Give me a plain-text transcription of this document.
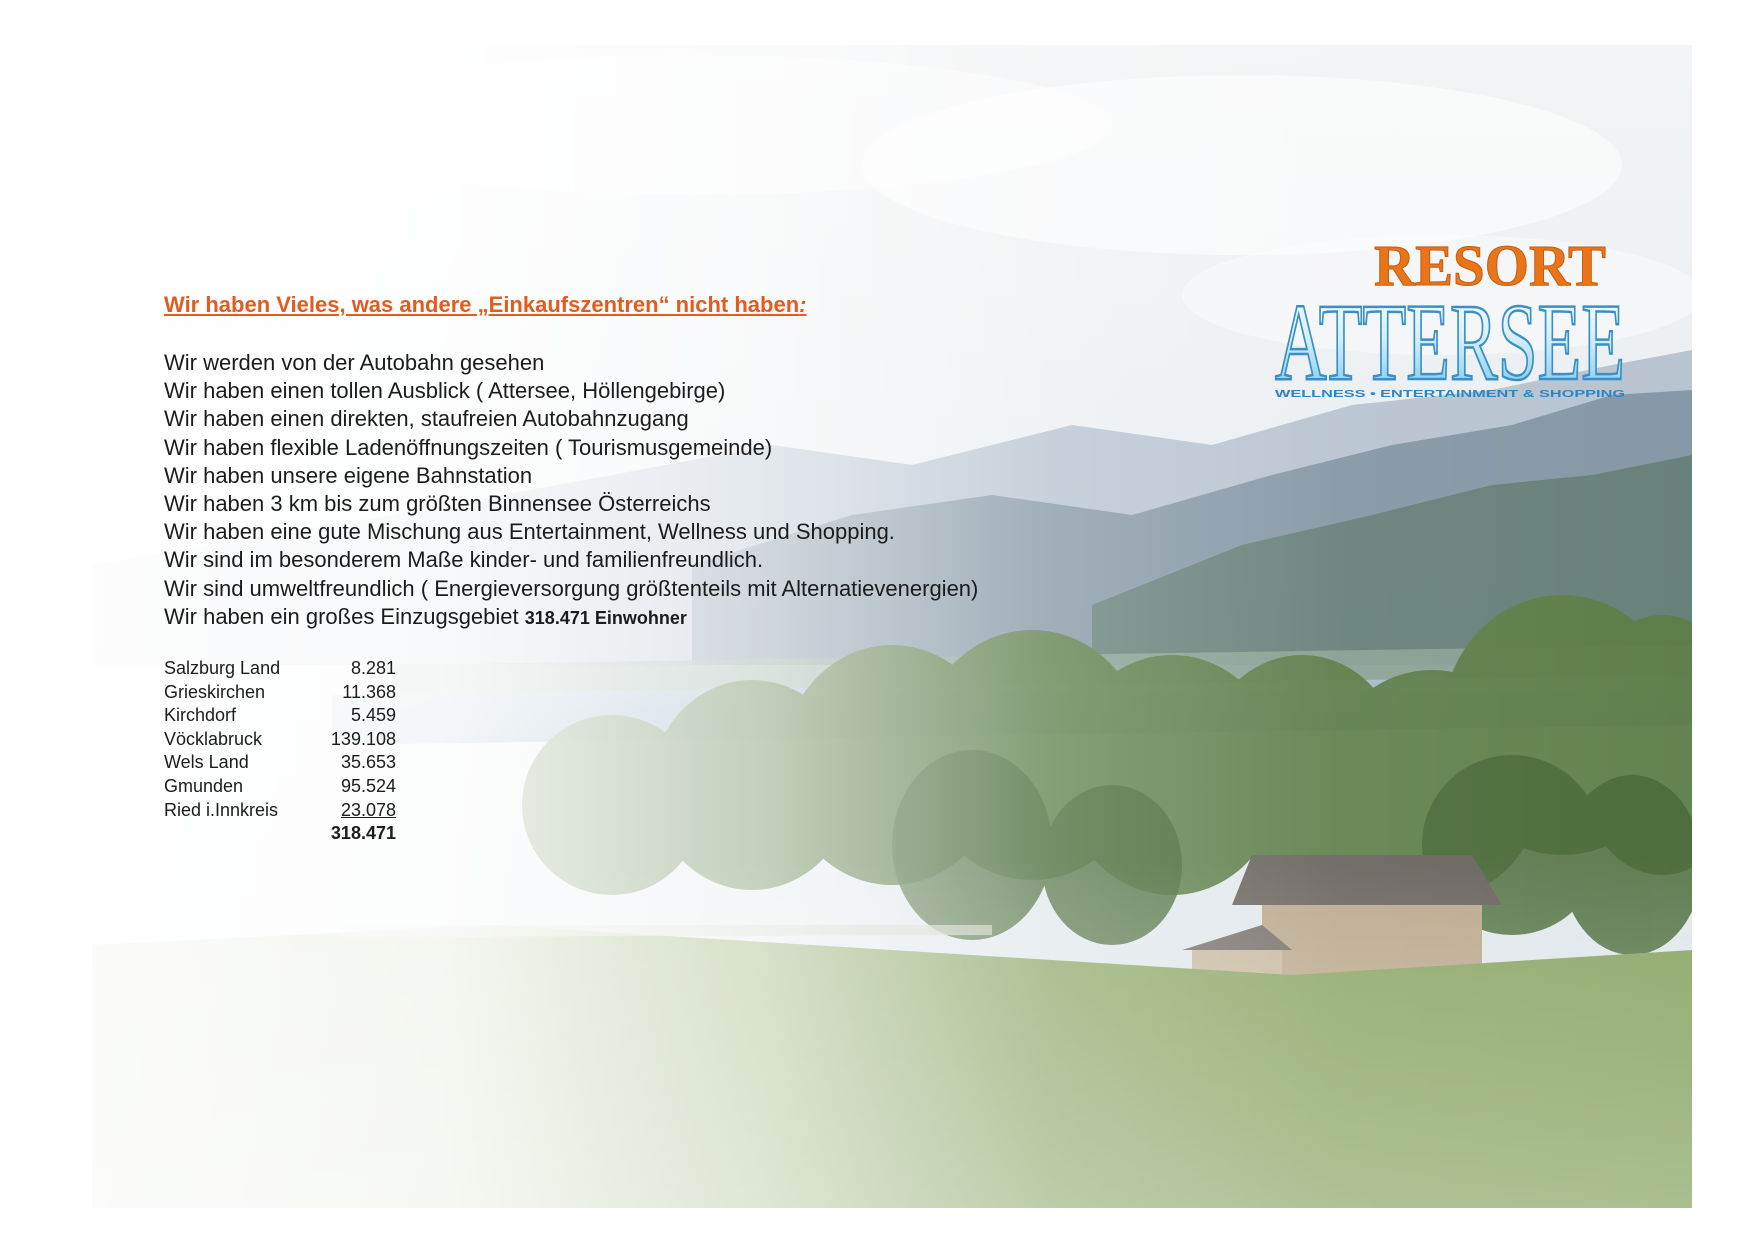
Wir haben Vieles, was andere „Einkaufszentren“ nicht haben:

Wir werden von der Autobahn gesehen
Wir haben einen tollen Ausblick ( Attersee, Höllengebirge)
Wir haben einen direkten, staufreien Autobahnzugang
Wir haben flexible Ladenöffnungszeiten ( Tourismusgemeinde)
Wir haben unsere eigene Bahnstation
Wir haben 3 km bis zum größten Binnensee Österreichs
Wir haben eine gute Mischung aus Entertainment, Wellness und Shopping.
Wir sind im besonderem Maße kinder- und familienfreundlich.
Wir sind umweltfreundlich ( Energieversorgung größtenteils mit Alternatievenergien)
Wir haben ein großes Einzugsgebiet 318.471 Einwohner
Salzburg Land	8.281
Grieskirchen	11.368
Kirchdorf	5.459
Vöcklabruck	139.108
Wels Land	35.653
Gmunden	95.524
Ried i.Innkreis	23.078
	318.471
RESORT
ATTERSEE
WELLNESS • ENTERTAINMENT & SHOPPING
